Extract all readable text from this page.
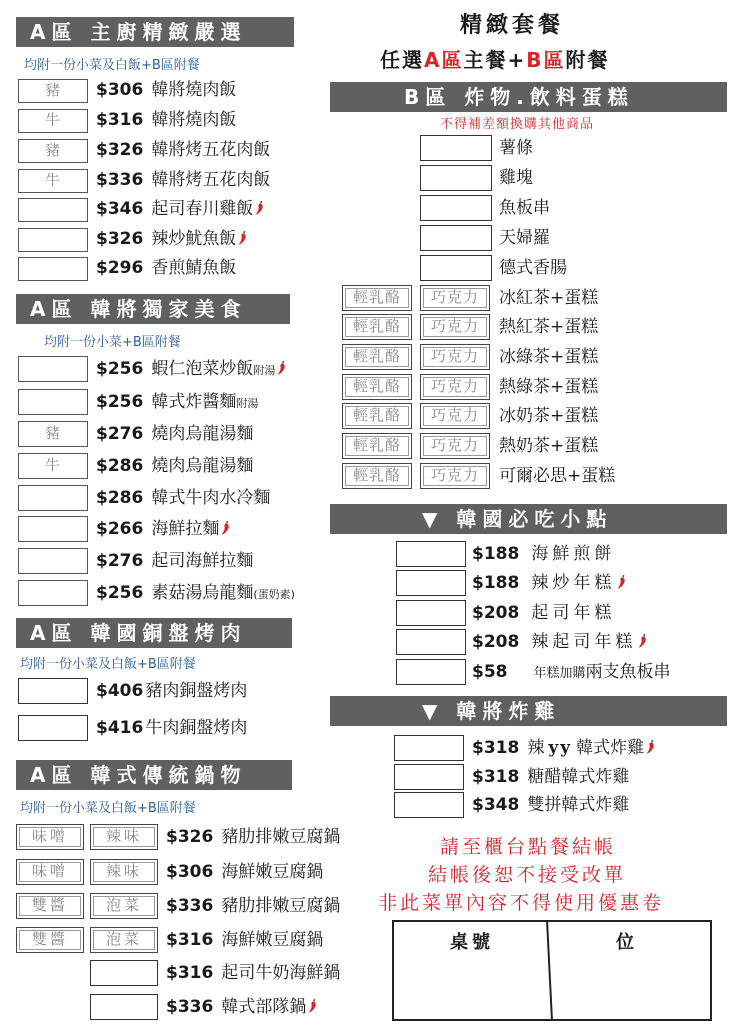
精緻套餐
任選A區主餐+B區附餐
A區 主廚精緻嚴選
均附一份小菜及白飯+B區附餐
豬	$306 韓將燒肉飯
牛	$316 韓將燒肉飯
豬	$326 韓將烤五花肉飯
牛	$336 韓將烤五花肉飯
$346 起司春川雞飯
$326 辣炒魷魚飯
$296 香煎鯖魚飯
A區 韓將獨家美食
均附一份小菜+B區附餐
$256 蝦仁泡菜炒飯附湯
$256 韓式炸醬麵附湯
豬	$276 燒肉烏龍湯麵
牛	$286 燒肉烏龍湯麵
$286 韓式牛肉水冷麵
$266 海鮮拉麵
$276 起司海鮮拉麵
$256 素菇湯烏龍麵(蛋奶素)
A區 韓國銅盤烤肉
均附一份小菜及白飯+B區附餐
$406 豬肉銅盤烤肉
$416 牛肉銅盤烤肉
A區 韓式傳統鍋物
均附一份小菜及白飯+B區附餐
味噌	辣味	$326 豬肋排嫩豆腐鍋
味噌	辣味	$306 海鮮嫩豆腐鍋
雙醬	泡菜	$336 豬肋排嫩豆腐鍋
雙醬	泡菜	$316 海鮮嫩豆腐鍋
$316 起司牛奶海鮮鍋
$336 韓式部隊鍋
B區 炸物.飲料蛋糕
不得補差額換購其他商品
薯條
雞塊
魚板串
天婦羅
德式香腸
輕乳酪	巧克力	冰紅茶+蛋糕
輕乳酪	巧克力	熱紅茶+蛋糕
輕乳酪	巧克力	冰綠茶+蛋糕
輕乳酪	巧克力	熱綠茶+蛋糕
輕乳酪	巧克力	冰奶茶+蛋糕
輕乳酪	巧克力	熱奶茶+蛋糕
輕乳酪	巧克力	可爾必思+蛋糕
▼ 韓國必吃小點
$188 海鮮煎餅
$188 辣炒年糕
$208 起司年糕
$208 辣起司年糕
$58 年糕加購兩支魚板串
▼ 韓將炸雞
$318 辣 yy 韓式炸雞
$318 糖醋韓式炸雞
$348 雙拼韓式炸雞
請至櫃台點餐結帳
結帳後恕不接受改單
非此菜單內容不得使用優惠卷
桌號	位
